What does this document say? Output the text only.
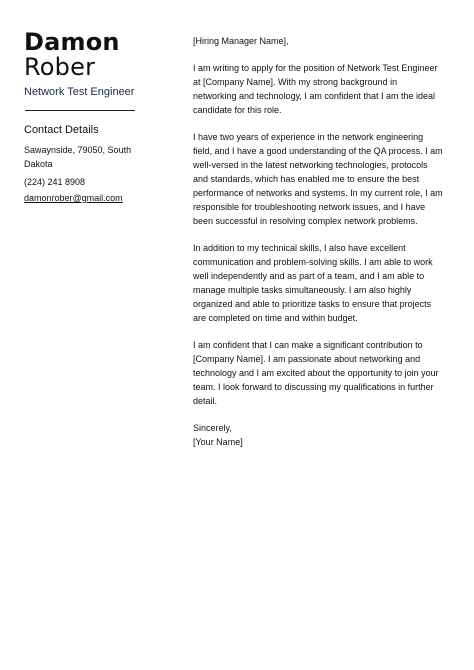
Damon
Rober
Network Test Engineer
Contact Details
Sawaynside, 79050, South Dakota
(224) 241 8908
damonrober@gmail.com

[Hiring Manager Name],

I am writing to apply for the position of Network Test Engineer at [Company Name]. With my strong background in networking and technology, I am confident that I am the ideal candidate for this role.

I have two years of experience in the network engineering field, and I have a good understanding of the QA process. I am well-versed in the latest networking technologies, protocols and standards, which has enabled me to ensure the best performance of networks and systems. In my current role, I am responsible for troubleshooting network issues, and I have been successful in resolving complex network problems.

In addition to my technical skills, I also have excellent communication and problem-solving skills. I am able to work well independently and as part of a team, and I am able to manage multiple tasks simultaneously. I am also highly organized and able to prioritize tasks to ensure that projects are completed on time and within budget.

I am confident that I can make a significant contribution to [Company Name]. I am passionate about networking and technology and I am excited about the opportunity to join your team. I look forward to discussing my qualifications in further detail.

Sincerely,

[Your Name]
